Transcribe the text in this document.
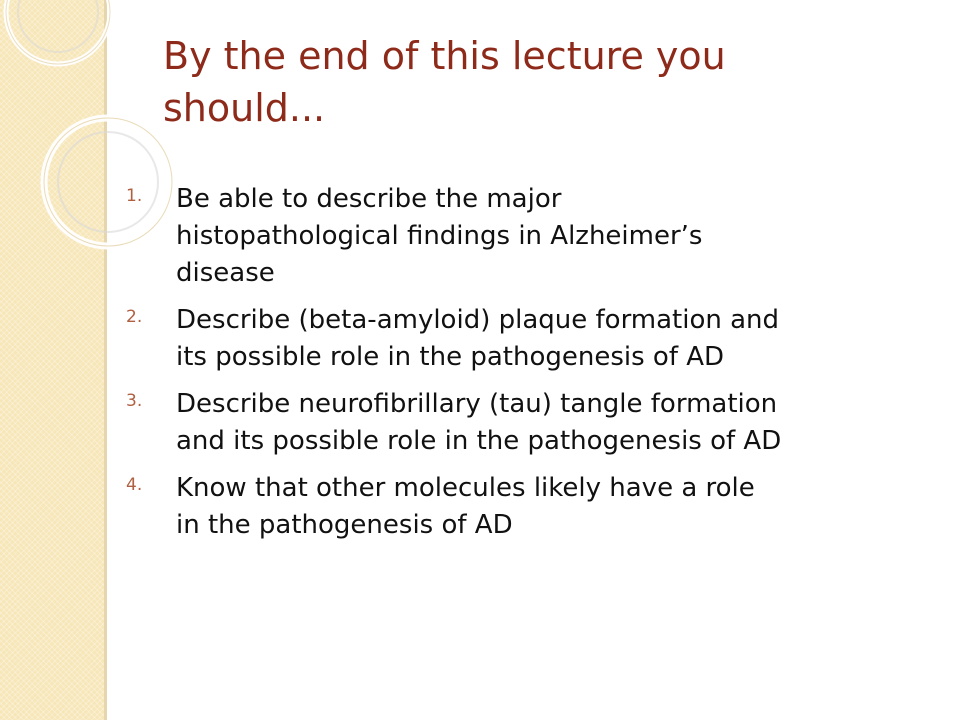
By the end of this lecture you
should...
1. Be able to describe the major
histopathological findings in Alzheimer’s
disease
2. Describe (beta-amyloid) plaque formation and
its possible role in the pathogenesis of AD
3. Describe neurofibrillary (tau) tangle formation
and its possible role in the pathogenesis of AD
4. Know that other molecules likely have a role
in the pathogenesis of AD
